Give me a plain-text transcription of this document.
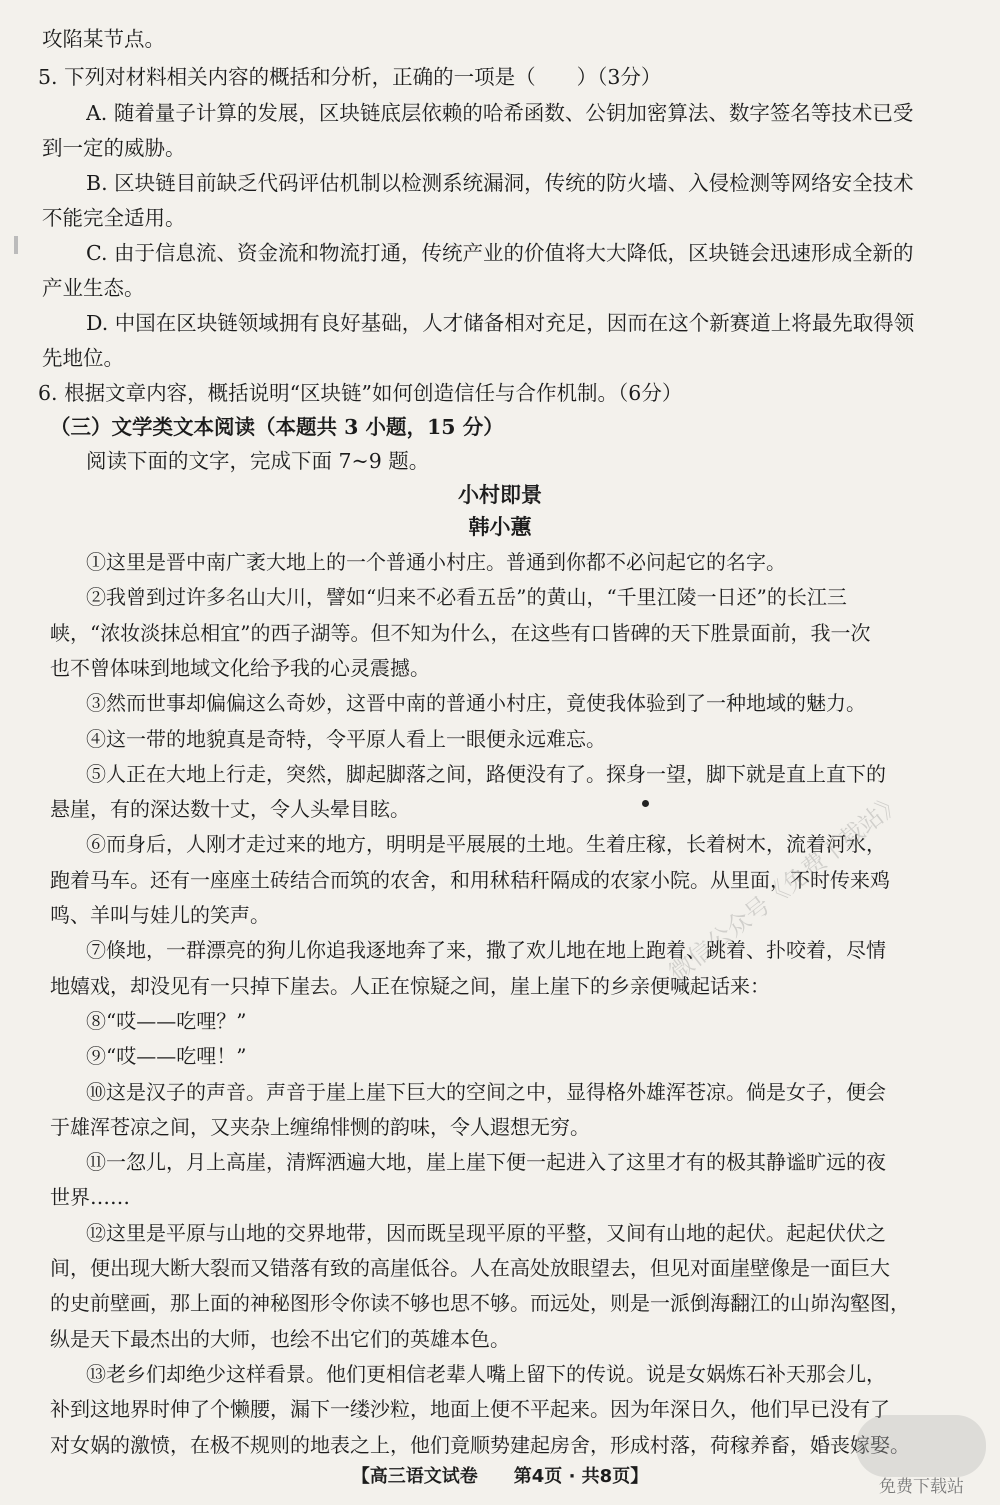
攻陷某节点。
5. 下列对材料相关内容的概括和分析，正确的一项是（　　）（3分）
A. 随着量子计算的发展，区块链底层依赖的哈希函数、公钥加密算法、数字签名等技术已受
到一定的威胁。
B. 区块链目前缺乏代码评估机制以检测系统漏洞，传统的防火墙、入侵检测等网络安全技术
不能完全适用。
C. 由于信息流、资金流和物流打通，传统产业的价值将大大降低，区块链会迅速形成全新的
产业生态。
D. 中国在区块链领域拥有良好基础，人才储备相对充足，因而在这个新赛道上将最先取得领
先地位。
6. 根据文章内容，概括说明“区块链”如何创造信任与合作机制。（6分）
（三）文学类文本阅读（本题共 3 小题，15 分）
阅读下面的文字，完成下面 7~9 题。
小村即景
韩小蕙
①这里是晋中南广袤大地上的一个普通小村庄。普通到你都不必问起它的名字。
②我曾到过许多名山大川，譬如“归来不必看五岳”的黄山，“千里江陵一日还”的长江三
峡，“浓妆淡抹总相宜”的西子湖等。但不知为什么，在这些有口皆碑的天下胜景面前，我一次
也不曾体味到地域文化给予我的心灵震撼。
③然而世事却偏偏这么奇妙，这晋中南的普通小村庄，竟使我体验到了一种地域的魅力。
④这一带的地貌真是奇特，令平原人看上一眼便永远难忘。
⑤人正在大地上行走，突然，脚起脚落之间，路便没有了。探身一望，脚下就是直上直下的
悬崖，有的深达数十丈，令人头晕目眩。
⑥而身后，人刚才走过来的地方，明明是平展展的土地。生着庄稼，长着树木，流着河水，
跑着马车。还有一座座土砖结合而筑的农舍，和用秫秸秆隔成的农家小院。从里面，不时传来鸡
鸣、羊叫与娃儿的笑声。
⑦倏地，一群漂亮的狗儿你追我逐地奔了来，撒了欢儿地在地上跑着、跳着、扑咬着，尽情
地嬉戏，却没见有一只掉下崖去。人正在惊疑之间，崖上崖下的乡亲便喊起话来：
⑧“哎——吃哩？”
⑨“哎——吃哩！”
⑩这是汉子的声音。声音于崖上崖下巨大的空间之中，显得格外雄浑苍凉。倘是女子，便会
于雄浑苍凉之间，又夹杂上缠绵悱恻的韵味，令人遐想无穷。
⑪一忽儿，月上高崖，清辉洒遍大地，崖上崖下便一起进入了这里才有的极其静谧旷远的夜
世界……
⑫这里是平原与山地的交界地带，因而既呈现平原的平整，又间有山地的起伏。起起伏伏之
间，便出现大断大裂而又错落有致的高崖低谷。人在高处放眼望去，但见对面崖壁像是一面巨大
的史前壁画，那上面的神秘图形令你读不够也思不够。而远处，则是一派倒海翻江的山峁沟壑图，
纵是天下最杰出的大师，也绘不出它们的英雄本色。
⑬老乡们却绝少这样看景。他们更相信老辈人嘴上留下的传说。说是女娲炼石补天那会儿，
补到这地界时伸了个懒腰，漏下一缕沙粒，地面上便不平起来。因为年深日久，他们早已没有了
对女娲的激愤，在极不规则的地表之上，他们竟顺势建起房舍，形成村落，荷稼养畜，婚丧嫁娶。
微信公众号《免费下载站》
【高三语文试卷　　第4页 · 共8页】	免费下载站
